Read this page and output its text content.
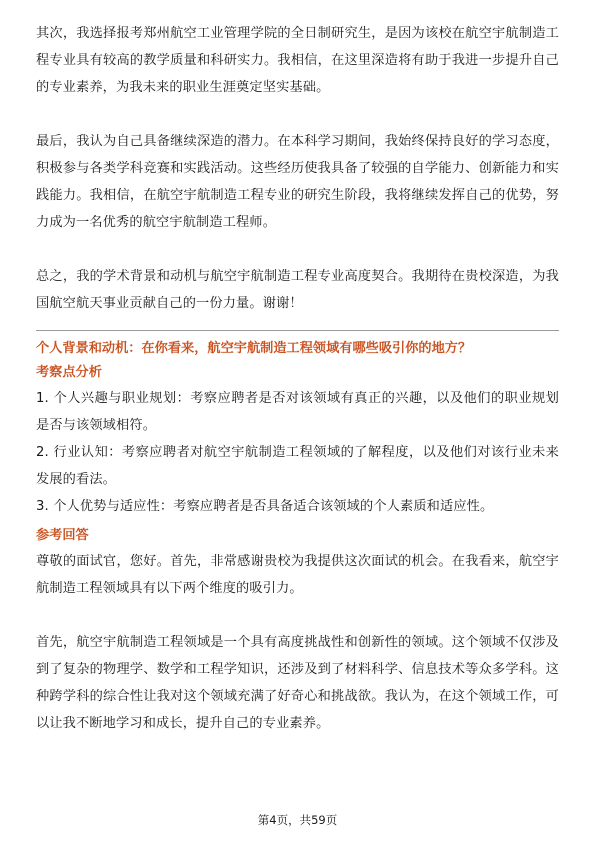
其次，我选择报考郑州航空工业管理学院的全日制研究生，是因为该校在航空宇航制造工程专业具有较高的教学质量和科研实力。我相信，在这里深造将有助于我进一步提升自己的专业素养，为我未来的职业生涯奠定坚实基础。

最后，我认为自己具备继续深造的潜力。在本科学习期间，我始终保持良好的学习态度，积极参与各类学科竞赛和实践活动。这些经历使我具备了较强的自学能力、创新能力和实践能力。我相信，在航空宇航制造工程专业的研究生阶段，我将继续发挥自己的优势，努力成为一名优秀的航空宇航制造工程师。

总之，我的学术背景和动机与航空宇航制造工程专业高度契合。我期待在贵校深造，为我国航空航天事业贡献自己的一份力量。谢谢！

个人背景和动机：在你看来，航空宇航制造工程领域有哪些吸引你的地方？

考察点分析

1. 个人兴趣与职业规划：考察应聘者是否对该领域有真正的兴趣，以及他们的职业规划是否与该领域相符。

2. 行业认知：考察应聘者对航空宇航制造工程领域的了解程度，以及他们对该行业未来发展的看法。

3. 个人优势与适应性：考察应聘者是否具备适合该领域的个人素质和适应性。

参考回答

尊敬的面试官，您好。首先，非常感谢贵校为我提供这次面试的机会。在我看来，航空宇航制造工程领域具有以下两个维度的吸引力。

首先，航空宇航制造工程领域是一个具有高度挑战性和创新性的领域。这个领域不仅涉及到了复杂的物理学、数学和工程学知识，还涉及到了材料科学、信息技术等众多学科。这种跨学科的综合性让我对这个领域充满了好奇心和挑战欲。我认为，在这个领域工作，可以让我不断地学习和成长，提升自己的专业素养。

第4页，共59页
